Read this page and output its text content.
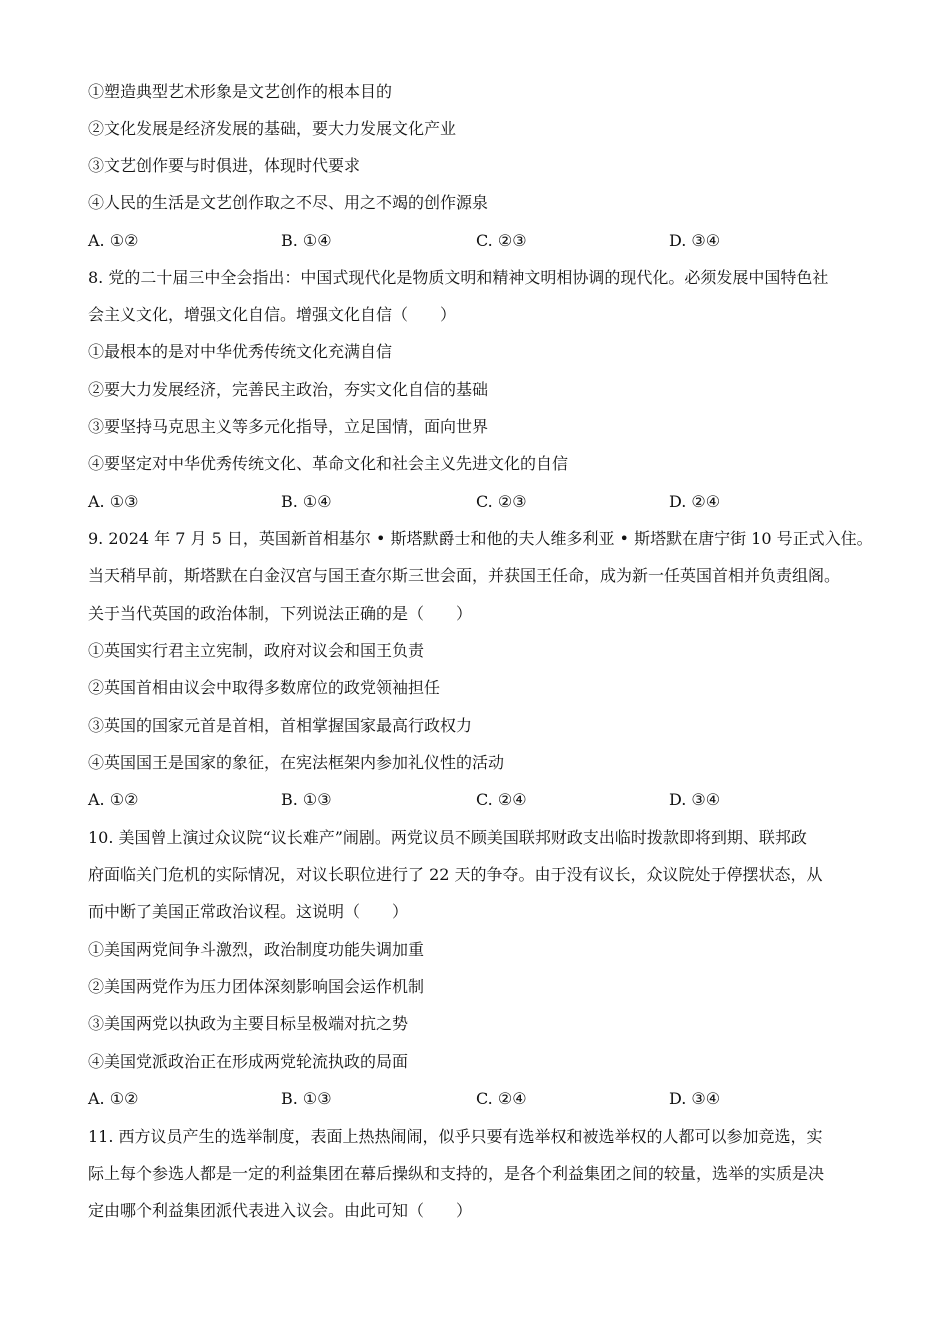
①塑造典型艺术形象是文艺创作的根本目的
②文化发展是经济发展的基础，要大力发展文化产业
③文艺创作要与时俱进，体现时代要求
④人民的生活是文艺创作取之不尽、用之不竭的创作源泉
A. ①②	B. ①④	C. ②③	D. ③④
8. 党的二十届三中全会指出：中国式现代化是物质文明和精神文明相协调的现代化。必须发展中国特色社
会主义文化，增强文化自信。增强文化自信（　　）
①最根本的是对中华优秀传统文化充满自信
②要大力发展经济，完善民主政治，夯实文化自信的基础
③要坚持马克思主义等多元化指导，立足国情，面向世界
④要坚定对中华优秀传统文化、革命文化和社会主义先进文化的自信
A. ①③	B. ①④	C. ②③	D. ②④
9. 2024 年 7 月 5 日，英国新首相基尔 • 斯塔默爵士和他的夫人维多利亚 • 斯塔默在唐宁街 10 号正式入住。
当天稍早前，斯塔默在白金汉宫与国王查尔斯三世会面，并获国王任命，成为新一任英国首相并负责组阁。
关于当代英国的政治体制，下列说法正确的是（　　）
①英国实行君主立宪制，政府对议会和国王负责
②英国首相由议会中取得多数席位的政党领袖担任
③英国的国家元首是首相，首相掌握国家最高行政权力
④英国国王是国家的象征，在宪法框架内参加礼仪性的活动
A. ①②	B. ①③	C. ②④	D. ③④
10. 美国曾上演过众议院“议长难产”闹剧。两党议员不顾美国联邦财政支出临时拨款即将到期、联邦政
府面临关门危机的实际情况，对议长职位进行了 22 天的争夺。由于没有议长，众议院处于停摆状态，从
而中断了美国正常政治议程。这说明（　　）
①美国两党间争斗激烈，政治制度功能失调加重
②美国两党作为压力团体深刻影响国会运作机制
③美国两党以执政为主要目标呈极端对抗之势
④美国党派政治正在形成两党轮流执政的局面
A. ①②	B. ①③	C. ②④	D. ③④
11. 西方议员产生的选举制度，表面上热热闹闹，似乎只要有选举权和被选举权的人都可以参加竞选，实
际上每个参选人都是一定的利益集团在幕后操纵和支持的，是各个利益集团之间的较量，选举的实质是决
定由哪个利益集团派代表进入议会。由此可知（　　）
